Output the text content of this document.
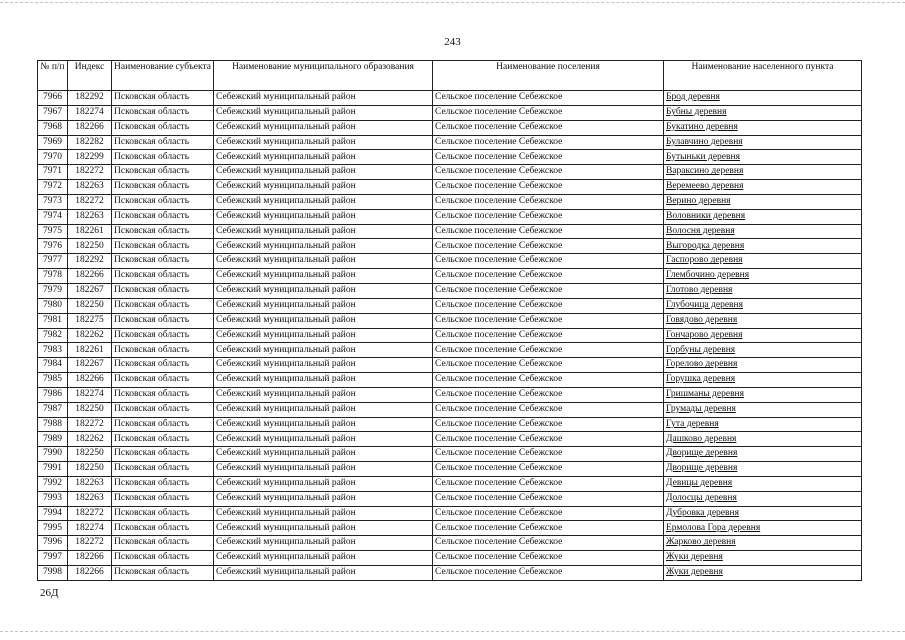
243
№ п/п	Индекс	Наименование субъекта	Наименование муниципального образования	Наименование поселения	Наименование населенного пункта
7966	182292	Псковская область	Себежский муниципальный район	Сельское поселение Себежское	Брод деревня
7967	182274	Псковская область	Себежский муниципальный район	Сельское поселение Себежское	Бубны деревня
7968	182266	Псковская область	Себежский муниципальный район	Сельское поселение Себежское	Букатино деревня
7969	182282	Псковская область	Себежский муниципальный район	Сельское поселение Себежское	Булавчино деревня
7970	182299	Псковская область	Себежский муниципальный район	Сельское поселение Себежское	Бутыньки деревня
7971	182272	Псковская область	Себежский муниципальный район	Сельское поселение Себежское	Вараксино деревня
7972	182263	Псковская область	Себежский муниципальный район	Сельское поселение Себежское	Веремеево деревня
7973	182272	Псковская область	Себежский муниципальный район	Сельское поселение Себежское	Верино деревня
7974	182263	Псковская область	Себежский муниципальный район	Сельское поселение Себежское	Воловники деревня
7975	182261	Псковская область	Себежский муниципальный район	Сельское поселение Себежское	Волосня деревня
7976	182250	Псковская область	Себежский муниципальный район	Сельское поселение Себежское	Выгородка деревня
7977	182292	Псковская область	Себежский муниципальный район	Сельское поселение Себежское	Гаспорово деревня
7978	182266	Псковская область	Себежский муниципальный район	Сельское поселение Себежское	Глембочино деревня
7979	182267	Псковская область	Себежский муниципальный район	Сельское поселение Себежское	Глотово деревня
7980	182250	Псковская область	Себежский муниципальный район	Сельское поселение Себежское	Глубочица деревня
7981	182275	Псковская область	Себежский муниципальный район	Сельское поселение Себежское	Говядово деревня
7982	182262	Псковская область	Себежский муниципальный район	Сельское поселение Себежское	Гончарово деревня
7983	182261	Псковская область	Себежский муниципальный район	Сельское поселение Себежское	Горбуны деревня
7984	182267	Псковская область	Себежский муниципальный район	Сельское поселение Себежское	Горелово деревня
7985	182266	Псковская область	Себежский муниципальный район	Сельское поселение Себежское	Горушка деревня
7986	182274	Псковская область	Себежский муниципальный район	Сельское поселение Себежское	Гришманы деревня
7987	182250	Псковская область	Себежский муниципальный район	Сельское поселение Себежское	Грумады деревня
7988	182272	Псковская область	Себежский муниципальный район	Сельское поселение Себежское	Гута деревня
7989	182262	Псковская область	Себежский муниципальный район	Сельское поселение Себежское	Дашково деревня
7990	182250	Псковская область	Себежский муниципальный район	Сельское поселение Себежское	Дворище деревня
7991	182250	Псковская область	Себежский муниципальный район	Сельское поселение Себежское	Дворище деревня
7992	182263	Псковская область	Себежский муниципальный район	Сельское поселение Себежское	Девицы деревня
7993	182263	Псковская область	Себежский муниципальный район	Сельское поселение Себежское	Долосцы деревня
7994	182272	Псковская область	Себежский муниципальный район	Сельское поселение Себежское	Дубровка деревня
7995	182274	Псковская область	Себежский муниципальный район	Сельское поселение Себежское	Ермолова Гора деревня
7996	182272	Псковская область	Себежский муниципальный район	Сельское поселение Себежское	Жарково деревня
7997	182266	Псковская область	Себежский муниципальный район	Сельское поселение Себежское	Жуки деревня
7998	182266	Псковская область	Себежский муниципальный район	Сельское поселение Себежское	Жуки деревня
26Д
